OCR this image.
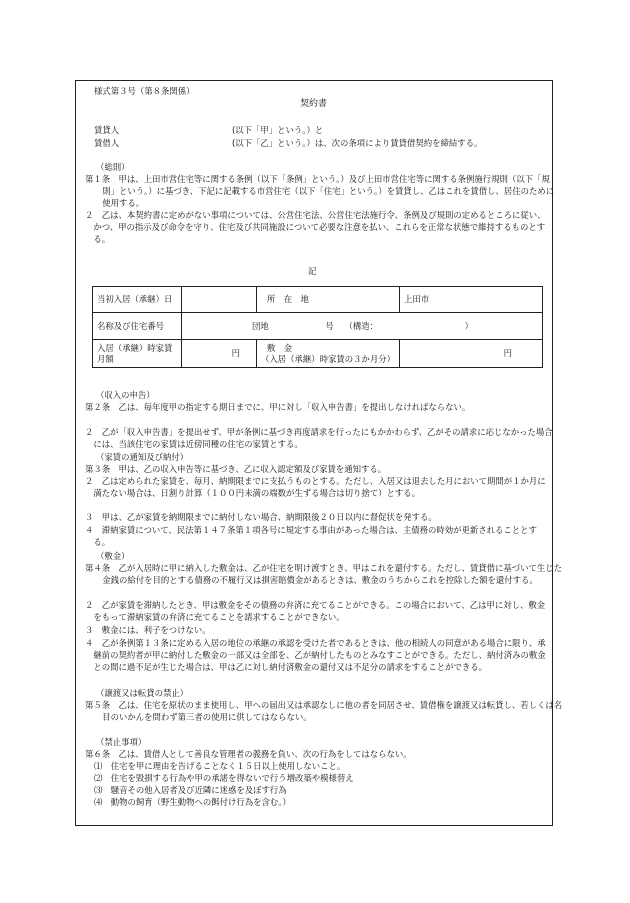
様式第３号（第８条関係）
契約書
賃貸人	(以下「甲」という。）と
賃借人	(以下「乙」という。）は、次の条項により賃貸借契約を締結する。
（総則）
第１条　甲は、上田市営住宅等に関する条例（以下「条例」という。）及び上田市営住宅等に関する条例施行規則（以下「規則」という。）に基づき、下記に記載する市営住宅（以下「住宅」という。）を賃貸し、乙はこれを賃借し、居住のために使用する。
２　乙は、本契約書に定めがない事項については、公営住宅法、公営住宅法施行令、条例及び規則の定めるところに従い、かつ、甲の指示及び命令を守り、住宅及び共同施設について必要な注意を払い、これらを正常な状態で維持するものとする。
記
当初入居（承継）日		所　在　地	上田市
名称及び住宅番号	団地 号 （構造： ）		
入居（承継）時家賃月額	円	敷　金
（入居（承継）時家賃の３か月分）	円
（収入の申告）
第２条　乙は、毎年度甲の指定する期日までに、甲に対し「収入申告書」を提出しなければならない。
２　乙が「収入申告書」を提出せず、甲が条例に基づき再度請求を行ったにもかかわらず、乙がその請求に応じなかった場合には、当該住宅の家賃は近傍同種の住宅の家賃とする。
（家賃の通知及び納付）
第３条　甲は、乙の収入申告等に基づき、乙に収入認定額及び家賃を通知する。
２　乙は定められた家賃を、毎月、納期限までに支払うものとする。ただし、入居又は退去した月において期間が１か月に満たない場合は、日割り計算（１００円未満の端数が生ずる場合は切り捨て）とする。
３　甲は、乙が家賃を納期限までに納付しない場合、納期限後２０日以内に督促状を発する。
４　滞納家賃について、民法第１４７条第１項各号に規定する事由があった場合は、主債務の時効が更新されることとする。
（敷金）
第４条　乙が入居時に甲に納入した敷金は、乙が住宅を明け渡すとき、甲はこれを還付する。ただし、賃貸借に基づいて生じた金銭の給付を目的とする債務の不履行又は損害賠償金があるときは、敷金のうちからこれを控除した額を還付する。
２　乙が家賃を滞納したとき、甲は敷金をその債務の弁済に充てることができる。この場合において、乙は甲に対し、敷金をもって滞納家賃の弁済に充てることを請求することができない。
３　敷金には、利子をつけない。
４　乙が条例第１３条に定める入居の地位の承継の承認を受けた者であるときは、他の相続人の同意がある場合に限り、承継前の契約者が甲に納付した敷金の一部又は全部を、乙が納付したものとみなすことができる。ただし、納付済みの敷金との間に過不足が生じた場合は、甲は乙に対し納付済敷金の還付又は不足分の請求をすることができる。
（譲渡又は転貸の禁止）
第５条　乙は、住宅を原状のまま使用し、甲への届出又は承認なしに他の者を同居させ、賃借権を譲渡又は転貸し、若しくは名目のいかんを問わず第三者の使用に供してはならない。
（禁止事項）
第６条　乙は、賃借人として善良な管理者の義務を負い、次の行為をしてはならない。
⑴　住宅を甲に理由を告げることなく１５日以上使用しないこと。
⑵　住宅を毀損する行為や甲の承諾を得ないで行う増改築や模様替え
⑶　騒音その他入居者及び近隣に迷惑を及ぼす行為
⑷　動物の飼育（野生動物への餌付け行為を含む。）
